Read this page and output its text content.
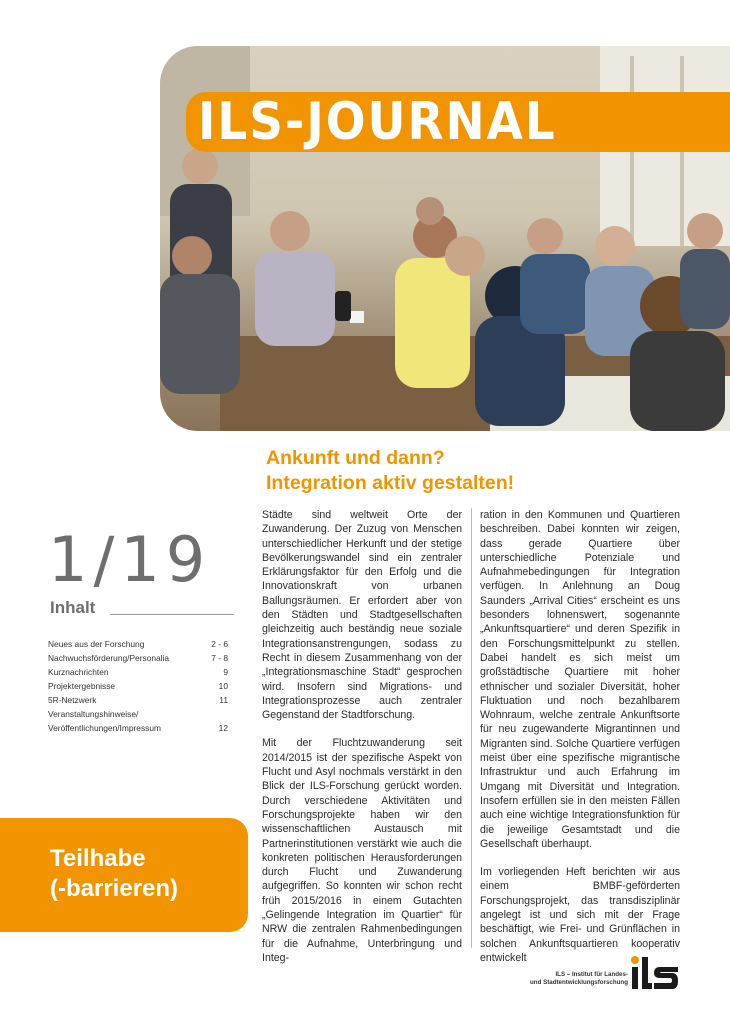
ILS-JOURNAL
1/19
Inhalt
Neues aus der Forschung	2 - 6
Nachwuchsförderung/Personalia	7 - 8
Kurznachrichten	9
Projektergebnisse	10
5R-Netzwerk	11
Veranstaltungshinweise/
Veröffentlichungen/Impressum	12
Teilhabe
(-barrieren)
Ankunft und dann?
Integration aktiv gestalten!

Städte sind weltweit Orte der Zuwanderung. Der Zuzug von Menschen unterschiedlicher Herkunft und der stetige Bevölkerungswandel sind ein zentraler Erklärungsfaktor für den Erfolg und die Innovationskraft von urbanen Ballungsräumen. Er erfordert aber von den Städten und Stadtgesellschaften gleichzeitig auch beständig neue soziale Integrationsanstrengungen, sodass zu Recht in diesem Zusammenhang von der „Integrationsmaschine Stadt“ gesprochen wird. Insofern sind Migrations- und Integrationsprozesse auch zentraler Gegenstand der Stadtforschung.

Mit der Fluchtzuwanderung seit 2014/2015 ist der spezifische Aspekt von Flucht und Asyl nochmals verstärkt in den Blick der ILS-Forschung gerückt worden. Durch verschiedene Aktivitäten und Forschungsprojekte haben wir den wissenschaftlichen Austausch mit Partnerinstitutionen verstärkt wie auch die konkreten politischen Herausforderungen durch Flucht und Zuwanderung aufgegriffen. So konnten wir schon recht früh 2015/2016 in einem Gutachten „Gelingende Integration im Quartier“ für NRW die zentralen Rahmenbedingungen für die Aufnahme, Unterbringung und Integ-

ration in den Kommunen und Quartieren beschreiben. Dabei konnten wir zeigen, dass gerade Quartiere über unterschiedliche Potenziale und Aufnahmebedingungen für Integration verfügen. In Anlehnung an Doug Saunders „Arrival Cities“ erscheint es uns besonders lohnenswert, sogenannte „Ankunftsquartiere“ und deren Spezifik in den Forschungsmittelpunkt zu stellen. Dabei handelt es sich meist um großstädtische Quartiere mit hoher ethnischer und sozialer Diversität, hoher Fluktuation und noch bezahlbarem Wohnraum, welche zentrale Ankunftsorte für neu zugewanderte Migrantinnen und Migranten sind. Solche Quartiere verfügen meist über eine spezifische migrantische Infrastruktur und auch Erfahrung im Umgang mit Diversität und Integration. Insofern erfüllen sie in den meisten Fällen auch eine wichtige Integrationsfunktion für die jeweilige Gesamtstadt und die Gesellschaft überhaupt.

Im vorliegenden Heft berichten wir aus einem BMBF-geförderten Forschungsprojekt, das transdisziplinär angelegt ist und sich mit der Frage beschäftigt, wie Frei- und Grünflächen in solchen Ankunftsquartieren kooperativ entwickelt

ILS – Institut für Landes-
und Stadtentwicklungsforschung
